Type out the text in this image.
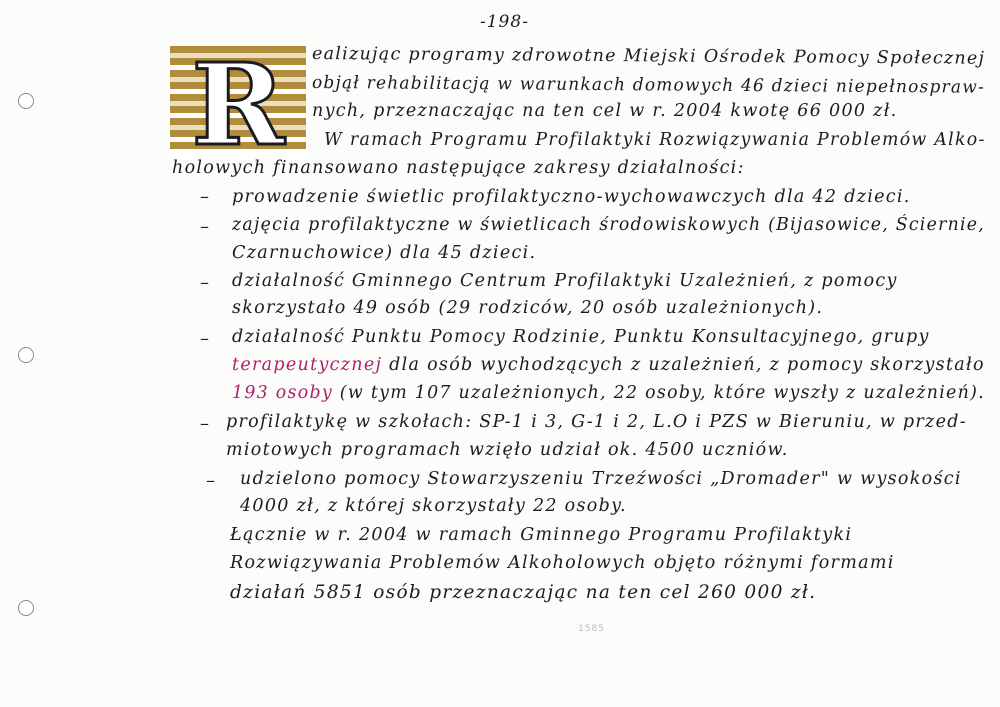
-198-
R ealizując programy zdrowotne Miejski Ośrodek Pomocy Społecznej
objął rehabilitacją w warunkach domowych 46 dzieci niepełnospraw-
nych, przeznaczając na ten cel w r. 2004 kwotę 66 000 zł.
W ramach Programu Profilaktyki Rozwiązywania Problemów Alko-
holowych finansowano następujące zakresy działalności:
– prowadzenie świetlic profilaktyczno-wychowawczych dla 42 dzieci.
– zajęcia profilaktyczne w świetlicach środowiskowych (Bijasowice, Ściernie,
Czarnuchowice) dla 45 dzieci.
– działalność Gminnego Centrum Profilaktyki Uzależnień, z pomocy
skorzystało 49 osób (29 rodziców, 20 osób uzależnionych).
– działalność Punktu Pomocy Rodzinie, Punktu Konsultacyjnego, grupy
terapeutycznej dla osób wychodzących z uzależnień, z pomocy skorzystało
193 osoby (w tym 107 uzależnionych, 22 osoby, które wyszły z uzależnień).
– profilaktykę w szkołach: SP-1 i 3, G-1 i 2, L.O i PZS w Bieruniu, w przed-
miotowych programach wzięło udział ok. 4500 uczniów.
– udzielono pomocy Stowarzyszeniu Trzeźwości „Dromader" w wysokości
4000 zł, z której skorzystały 22 osoby.
Łącznie w r. 2004 w ramach Gminnego Programu Profilaktyki
Rozwiązywania Problemów Alkoholowych objęto różnymi formami
działań 5851 osób przeznaczając na ten cel 260 000 zł.
1585
